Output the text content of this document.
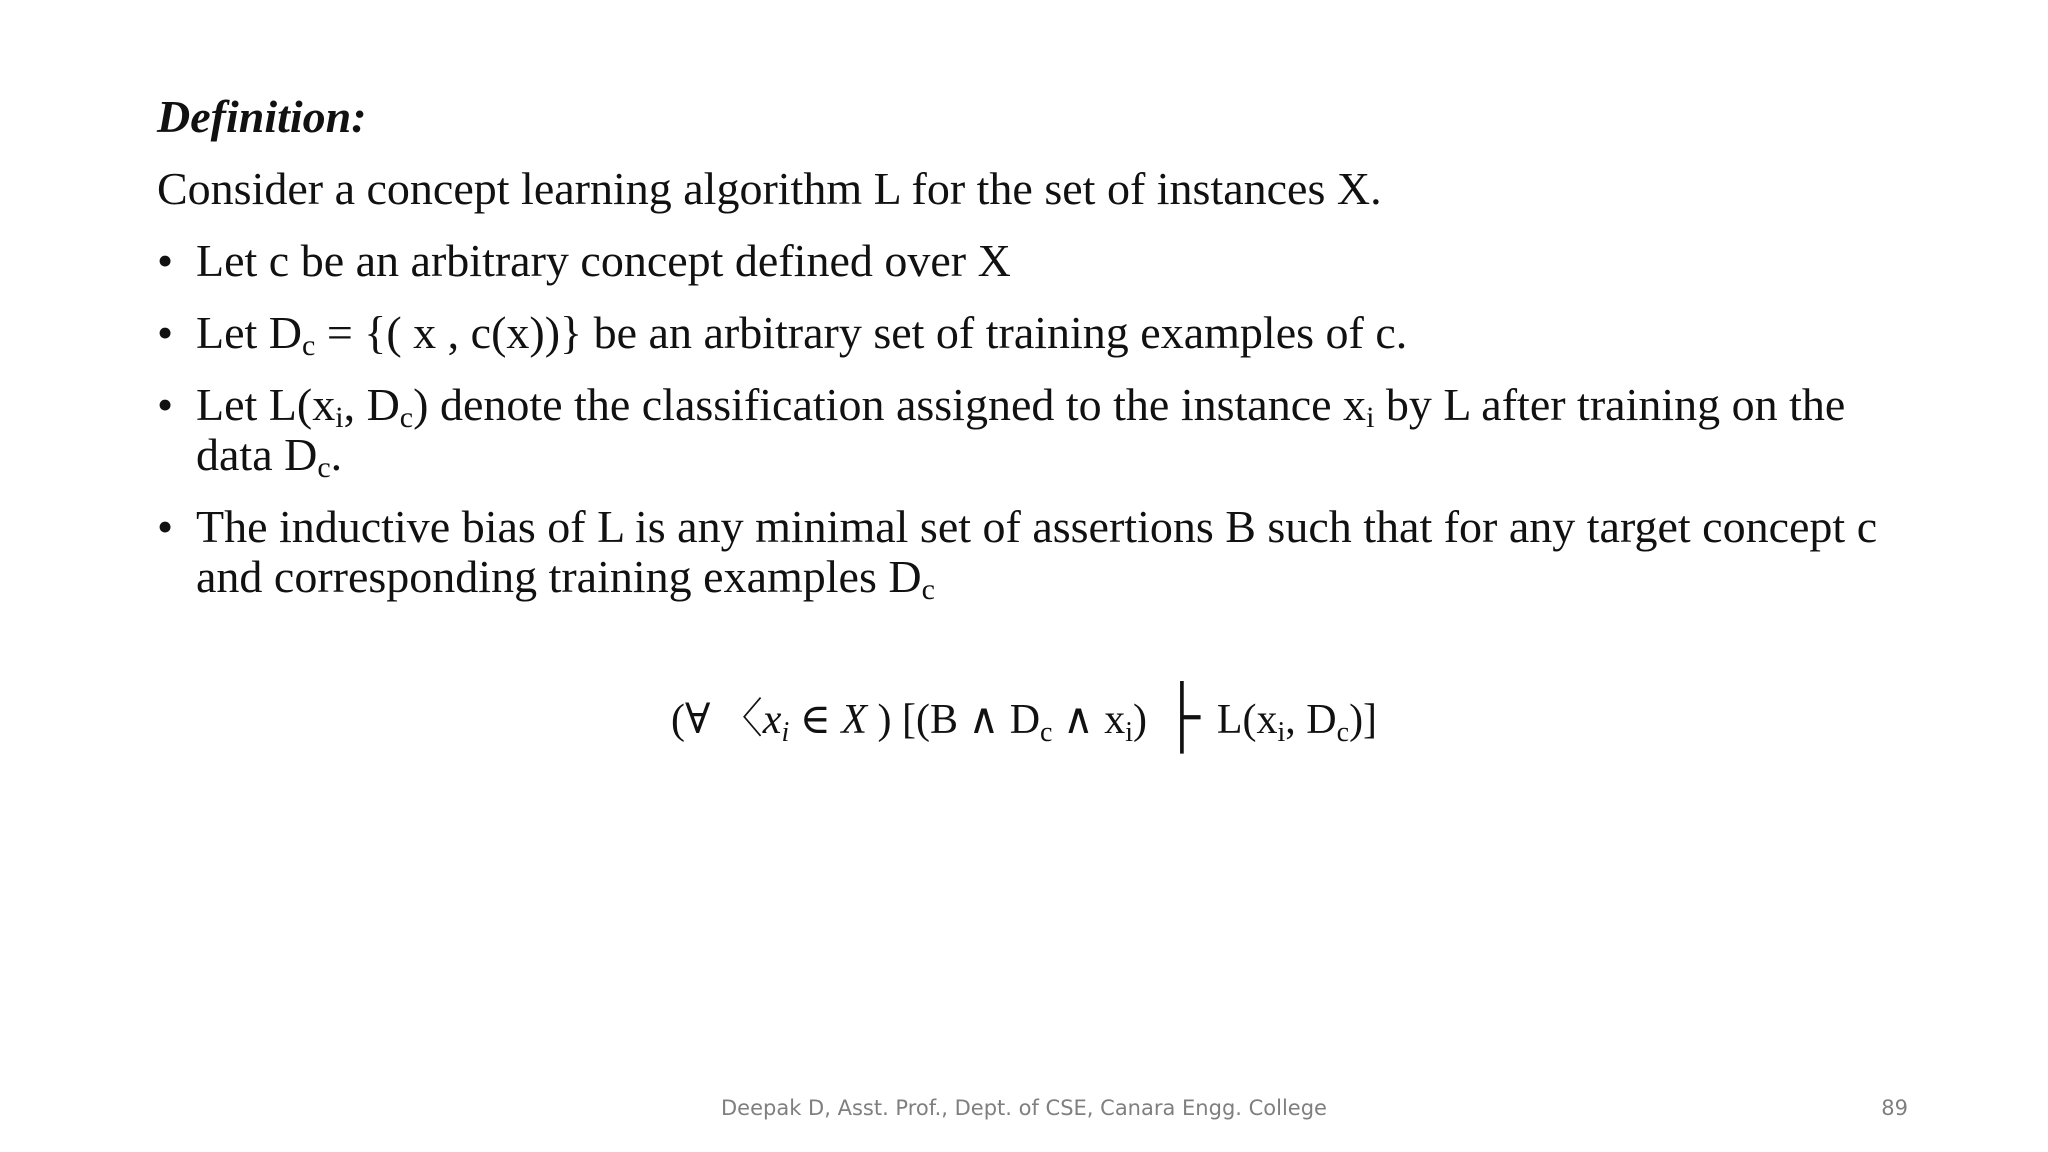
Definition:
Consider a concept learning algorithm L for the set of instances X.
• Let c be an arbitrary concept defined over X
• Let $D_c$ = {( x , c(x))} be an arbitrary set of training examples of c.
• Let $L(x_i$, $D_c$) denote the classification assigned to the instance $x_i$ by L after training on the data $D_c$.
• The inductive bias of L is any minimal set of assertions B such that for any target concept c and corresponding training examples $D_c$
(∀ 〈$x_i$ ∈ X ) [(B ∧ $D_c$ ∧ $x_i$) ├ $L(x_i$, $D_c$)]
Deepak D, Asst. Prof., Dept. of CSE, Canara Engg. College	89
